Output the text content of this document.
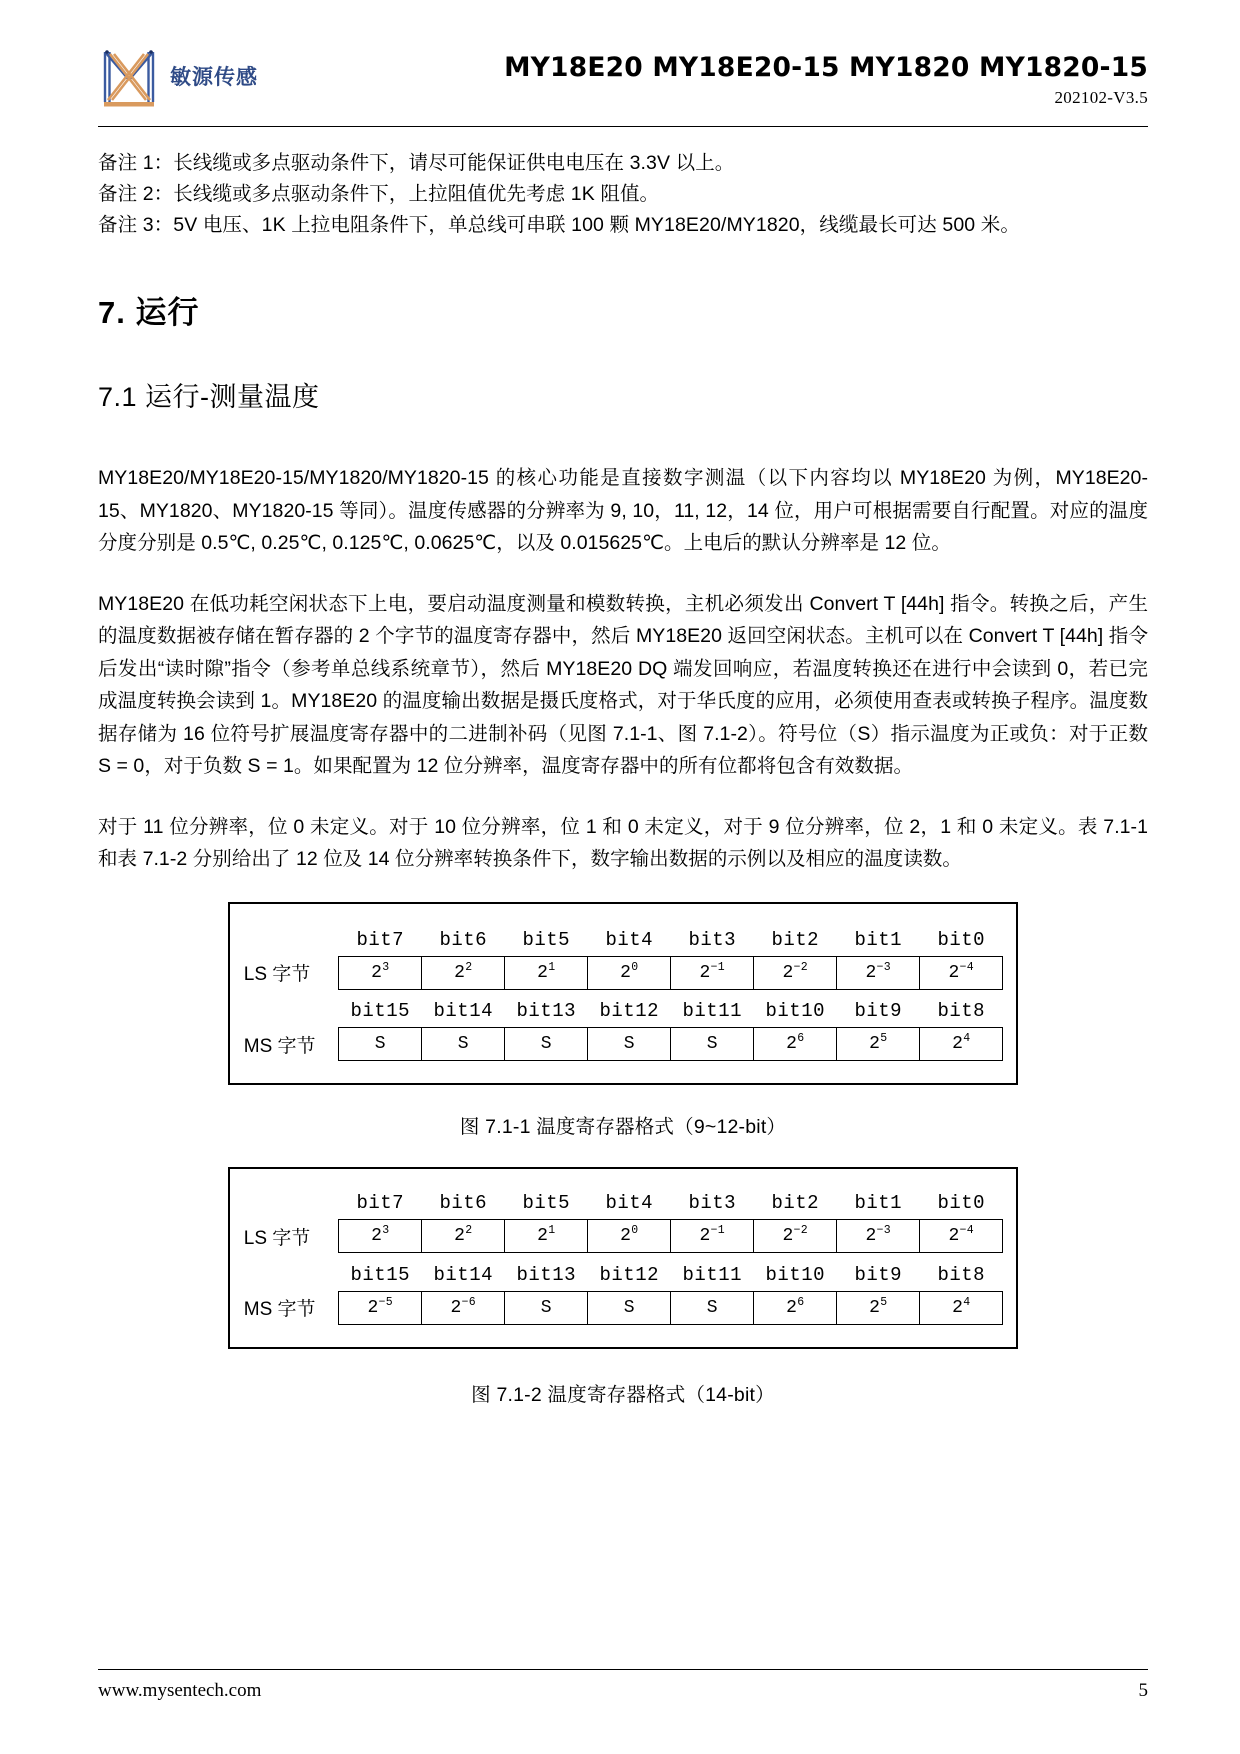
敏源传感	MY18E20 MY18E20-15 MY1820 MY1820-15
202102-V3.5
备注 1：长线缆或多点驱动条件下，请尽可能保证供电电压在 3.3V 以上。
备注 2：长线缆或多点驱动条件下，上拉阻值优先考虑 1K 阻值。
备注 3：5V 电压、1K 上拉电阻条件下，单总线可串联 100 颗 MY18E20/MY1820，线缆最长可达 500 米。
7. 运行
7.1 运行-测量温度

MY18E20/MY18E20-15/MY1820/MY1820-15 的核心功能是直接数字测温（以下内容均以 MY18E20 为例，MY18E20-15、MY1820、MY1820-15 等同）。温度传感器的分辨率为 9, 10，11, 12，14 位，用户可根据需要自行配置。对应的温度分度分别是 0.5℃, 0.25℃, 0.125℃, 0.0625℃，以及 0.015625℃。上电后的默认分辨率是 12 位。

MY18E20 在低功耗空闲状态下上电，要启动温度测量和模数转换，主机必须发出 Convert T [44h] 指令。转换之后，产生的温度数据被存储在暂存器的 2 个字节的温度寄存器中，然后 MY18E20 返回空闲状态。主机可以在 Convert T [44h] 指令后发出“读时隙”指令（参考单总线系统章节），然后 MY18E20 DQ 端发回响应，若温度转换还在进行中会读到 0，若已完成温度转换会读到 1。MY18E20 的温度输出数据是摄氏度格式，对于华氏度的应用，必须使用查表或转换子程序。温度数据存储为 16 位符号扩展温度寄存器中的二进制补码（见图 7.1-1、图 7.1-2）。符号位（S）指示温度为正或负：对于正数 S = 0，对于负数 S = 1。如果配置为 12 位分辨率，温度寄存器中的所有位都将包含有效数据。

对于 11 位分辨率，位 0 未定义。对于 10 位分辨率，位 1 和 0 未定义，对于 9 位分辨率，位 2，1 和 0 未定义。表 7.1-1 和表 7.1-2 分别给出了 12 位及 14 位分辨率转换条件下，数字输出数据的示例以及相应的温度读数。

	bit7	bit6	bit5	bit4	bit3	bit2	bit1	bit0
LS 字节	$2^3$	$2^2$	$2^1$	$2^0$	$2^{-1}$	$2^{-2}$	$2^{-3}$	$2^{-4}$

	bit15	bit14	bit13	bit12	bit11	bit10	bit9	bit8
MS 字节	S	S	S	S	S	$2^6$	$2^5$	$2^4$
图 7.1-1 温度寄存器格式（9~12-bit）
	bit7	bit6	bit5	bit4	bit3	bit2	bit1	bit0
LS 字节	$2^3$	$2^2$	$2^1$	$2^0$	$2^{-1}$	$2^{-2}$	$2^{-3}$	$2^{-4}$

	bit15	bit14	bit13	bit12	bit11	bit10	bit9	bit8
MS 字节	$2^{-5}$	$2^{-6}$	S	S	S	$2^6$	$2^5$	$2^4$
图 7.1-2 温度寄存器格式（14-bit）
www.mysentech.com	5
